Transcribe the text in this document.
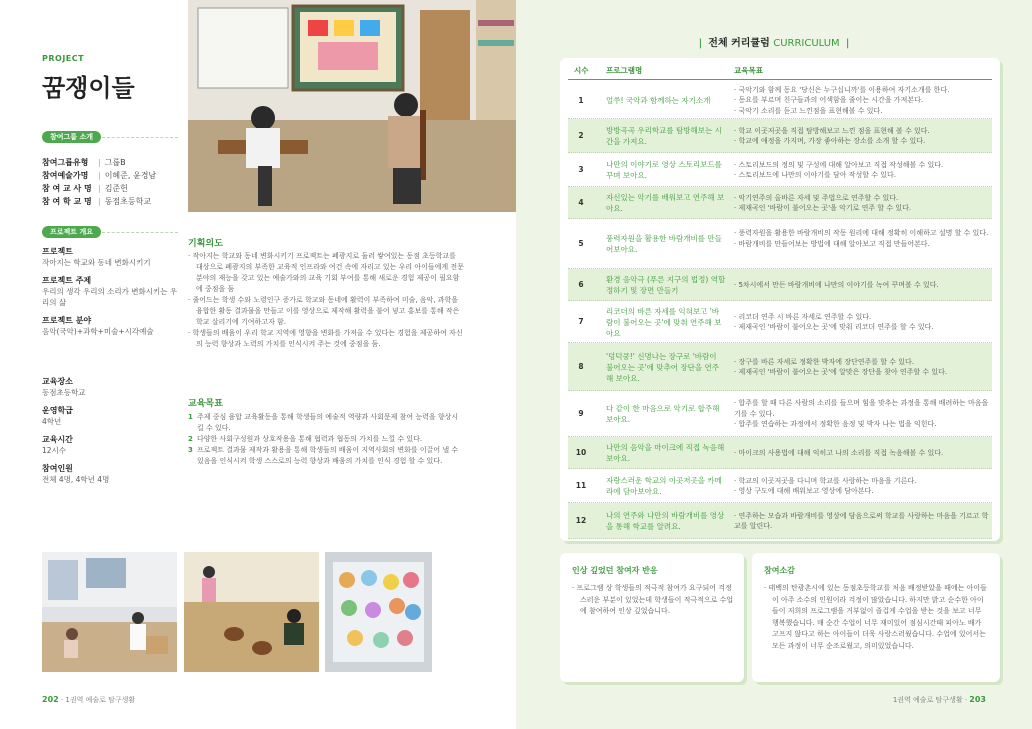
PROJECT
꿈쟁이들
참여그룹 소개
참여그룹유형	| 그룹B
참여예술가명	| 이혜준, 윤경남
참 여 교 사 명 | 김준헌
참 여 학 교 명 | 동점초등학교
프로젝트 개요
프로젝트
작아지는 학교와 동네 변화시키기
프로젝트 주제
우리의 생각 우리의 소리가 변화시키는 우리의 삶
프로젝트 분야
음악(국악)+과학+미술+시각예술
교육장소
동점초등학교
운영학급
4학년
교육시간
12시수
참여인원
전체 4명, 4학년 4명
기획의도
· 작아지는 학교와 동네 변화시키기 프로젝트는 폐광지로 둘러 쌓여있는 동점 초등학교를 대상으로 폐광지의 부족한 교육적 인프라와 여건 속에 자리고 있는 우리 아이들에게 전문분야의 재능을 갖고 있는 예술가와의 교육 기회 부여를 통해 새로운 경험 제공이 필요함에 중점을 둠
· 줄어드는 학생 수와 노령인구 증가로 학교와 동네에 활력이 부족하여 미술, 음악, 과학을 융합한 활동 결과물을 만들고 이를 영상으로 제작해 활력을 불어 넣고 홍보를 통해 작은 학교 살리기에 기여하고자 함.
· 학생들의 배움이 우리 학교 지역에 영향을 변화를 가져올 수 있다는 경험을 제공하여 자신의 능력 향상과 노력의 가치를 인식시켜 주는 것에 중점을 둠.
교육목표
1 주제 중심 융합 교육활동을 통해 학생들의 예술적 역량과 사회문제 참여 능력을 향상시킬 수 있다.
2 다양한 사회구성원과 상호작용을 통해 협력과 협동의 가치를 느낄 수 있다.
3 프로젝트 결과물 제작과 활용을 통해 학생들의 배움이 지역사회의 변화를 이끌어 낼 수 있음을 인식시켜 학생 스스로의 능력 향상과 배움의 가치를 인식 경험 할 수 있다.
202 · 1권역 예술로 탐구생활
| 전체 커리큘럼 CURRICULUM |
시수 프로그램명	교육목표
1	얼쑤! 국악과 함께하는 자기소개
· 국악기와 함께 동요 '당신은 누구십니까'를 이용하여 자기소개를 한다.
· 동요를 부르며 친구들과의 어색함을 줄이는 시간을 가져본다.
· 국악기 소리를 듣고 느낀점을 표현해볼 수 있다.
2
방방곡곡 우리학교를 탐방해보는 시간을 가져요.
· 학교 이곳저곳을 직접 탐방해보고 느낀 점을 표현해 볼 수 있다.
· 학교에 애정을 가지며, 가장 좋아하는 장소를 소개 할 수 있다.
3
나만의 이야기로 영상 스토리보드를 꾸며 보아요.
· 스토리보드의 정의 및 구성에 대해 알아보고 직접 작성해볼 수 있다.
· 스토리보드에 나만의 이야기를 담아 작성할 수 있다.
4
자신있는 악기를 배워보고 연주해 보아요.
· 악기연주의 올바른 자세 및 주법으로 연주할 수 있다.
· 제재곡인 '바람이 불어오는 곳'을 악기로 연주 할 수 있다.
5
풍력자원을 활용한 바람개비를 만들어보아요.
· 풍력자원을 활용한 바람개비의 작동 원리에 대해 정확히 이해하고 설명 할 수 있다.
· 바람개비를 만들어보는 방법에 대해 알아보고 직접 만들어본다.
6
환경 음악극 (푸른 지구의 법정) 역할 정하기 및 장면 만들기
· 5차시에서 만든 바람개비에 나만의 이야기를 녹여 꾸며볼 수 있다.
7
리코더의 바른 자세를 익혀보고 '바람이 불어오는 곳'에 맞춰 연주해 보아요
· 리코더 연주 시 바른 자세로 연주할 수 있다.
· 제재곡인 '바람이 불어오는 곳'에 맞춰 리코더 연주를 할 수 있다.
8
'덩덕쿵!' 신명나는 장구로 '바람이 불어오는 곳'에 맞추어 장단을 연주해 보아요.
· 장구를 바른 자세로 정확한 박자에 장단연주를 할 수 있다.
· 제재곡인 '바람이 불어오는 곳'에 알맞은 장단을 찾아 연주할 수 있다.
9
다 같이 한 마음으로 악기로 합주해보아요.
· 합주를 할 때 다른 사람의 소리를 들으며 힘을 맞추는 과정을 통해 배려하는 마음을 기를 수 있다.
· 합주를 연습하는 과정에서 정확한 음정 및 박자 나는 법을 익힌다.
10
나만의 음악을 마이크에 직접 녹음해 보아요.
· 마이크의 사용법에 대해 익히고 나의 소리를 직접 녹음해볼 수 있다.
11
자랑스러운 학교의 이곳저곳을 카메라에 담아보아요.
· 학교의 이곳저곳을 다니며 학교를 사랑하는 마음을 기른다.
· 영상 구도에 대해 배워보고 영상에 담아본다.
12
나의 연주와 나만의 바람개비를 영상을 통해 학교를 알려요.
· 연주하는 모습과 바람개비를 영상에 담음으로써 학교를 사랑하는 마음을 기르고 학교를 알린다.
인상 깊었던 참여자 반응
· 프로그램 상 학생들의 적극적 참여가 요구되어 걱정스러운 부분이 있었는데 학생들이 적극적으로 수업에 참여하여 인상 깊었습니다.
참여소감
· 태백의 탄광촌시에 있는 동점초등학교를 처음 배정받았을 때에는 아이들이 아주 소수의 인원이라 걱정이 많았습니다. 하지만 밝고 순수한 아이들이 저희의 프로그램을 거부없이 즐겁게 수업을 받는 것을 보고 너무 행복했습니다. 매 순간 수업이 너무 재미있어 점심시간때 피아노 배가 고프지 않다고 하는 아이들이 더욱 사랑스러웠습니다. 수업에 있어서는 모든 과정이 너무 순조로웠고, 의미있었습니다.
1권역 예술로 탐구생활 · 203
